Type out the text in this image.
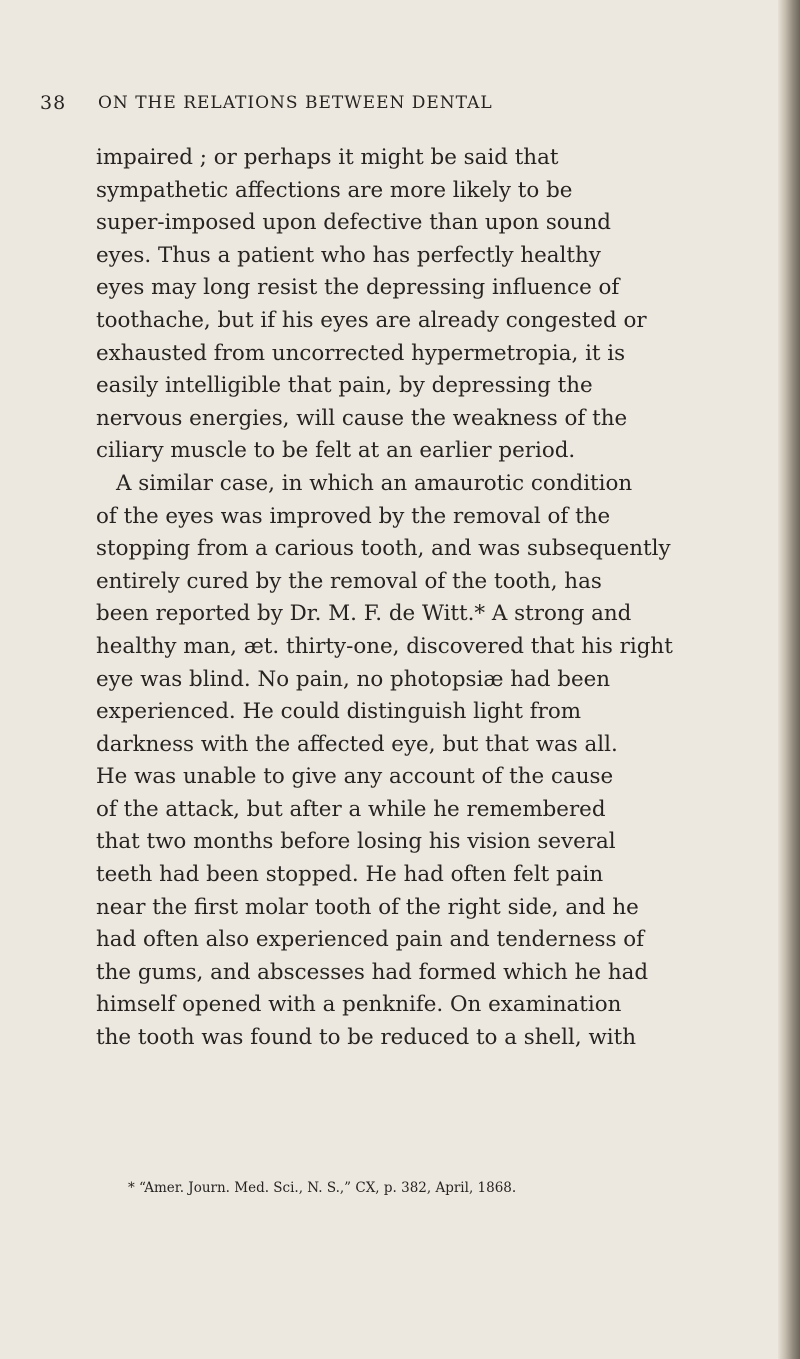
38 ON THE RELATIONS BETWEEN DENTAL
impaired ; or perhaps it might be said that
sympathetic affections are more likely to be
super-imposed upon defective than upon sound
eyes. Thus a patient who has perfectly healthy
eyes may long resist the depressing influence of
toothache, but if his eyes are already congested or
exhausted from uncorrected hypermetropia, it is
easily intelligible that pain, by depressing the
nervous energies, will cause the weakness of the
ciliary muscle to be felt at an earlier period.
A similar case, in which an amaurotic condition
of the eyes was improved by the removal of the
stopping from a carious tooth, and was subsequently
entirely cured by the removal of the tooth, has
been reported by Dr. M. F. de Witt.* A strong and
healthy man, æt. thirty-one, discovered that his right
eye was blind. No pain, no photopsiæ had been
experienced. He could distinguish light from
darkness with the affected eye, but that was all.
He was unable to give any account of the cause
of the attack, but after a while he remembered
that two months before losing his vision several
teeth had been stopped. He had often felt pain
near the first molar tooth of the right side, and he
had often also experienced pain and tenderness of
the gums, and abscesses had formed which he had
himself opened with a penknife. On examination
the tooth was found to be reduced to a shell, with
* “Amer. Journ. Med. Sci., N. S.,” CX, p. 382, April, 1868.
